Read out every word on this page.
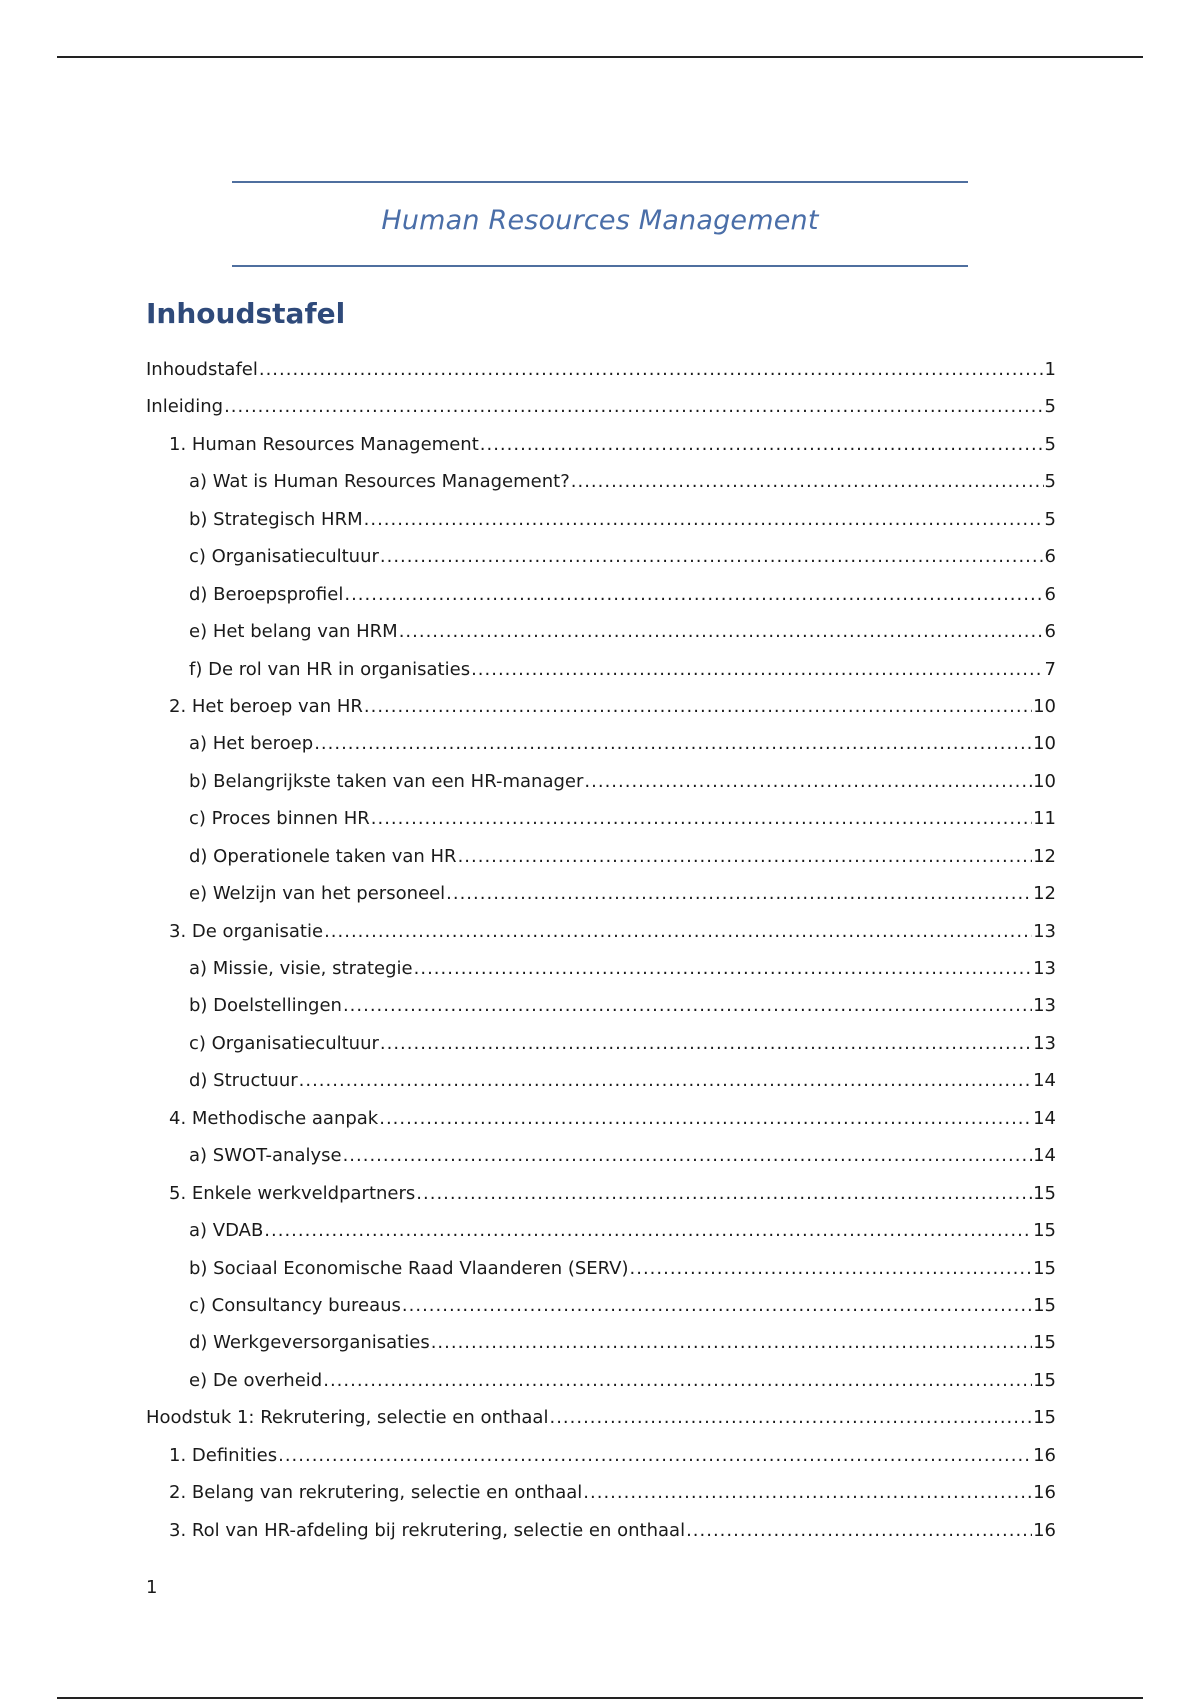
Human Resources Management
Inhoudstafel
Inhoudstafel .....	1
Inleiding .....	5
1. Human Resources Management .....	5
a) Wat is Human Resources Management? .....	5
b) Strategisch HRM .....	5
c) Organisatiecultuur .....	6
d) Beroepsprofiel .....	6
e) Het belang van HRM .....	6
f) De rol van HR in organisaties .....	7
2. Het beroep van HR .....	10
a) Het beroep .....	10
b) Belangrijkste taken van een HR-manager .....	10
c) Proces binnen HR .....	11
d) Operationele taken van HR .....	12
e) Welzijn van het personeel .....	12
3. De organisatie .....	13
a) Missie, visie, strategie .....	13
b) Doelstellingen .....	13
c) Organisatiecultuur .....	13
d) Structuur .....	14
4. Methodische aanpak .....	14
a) SWOT-analyse .....	14
5. Enkele werkveldpartners .....	15
a) VDAB .....	15
b) Sociaal Economische Raad Vlaanderen (SERV) .....	15
c) Consultancy bureaus .....	15
d) Werkgeversorganisaties .....	15
e) De overheid .....	15
Hoodstuk 1: Rekrutering, selectie en onthaal .....	15
1. Definities .....	16
2. Belang van rekrutering, selectie en onthaal .....	16
3. Rol van HR-afdeling bij rekrutering, selectie en onthaal .....	16
1
